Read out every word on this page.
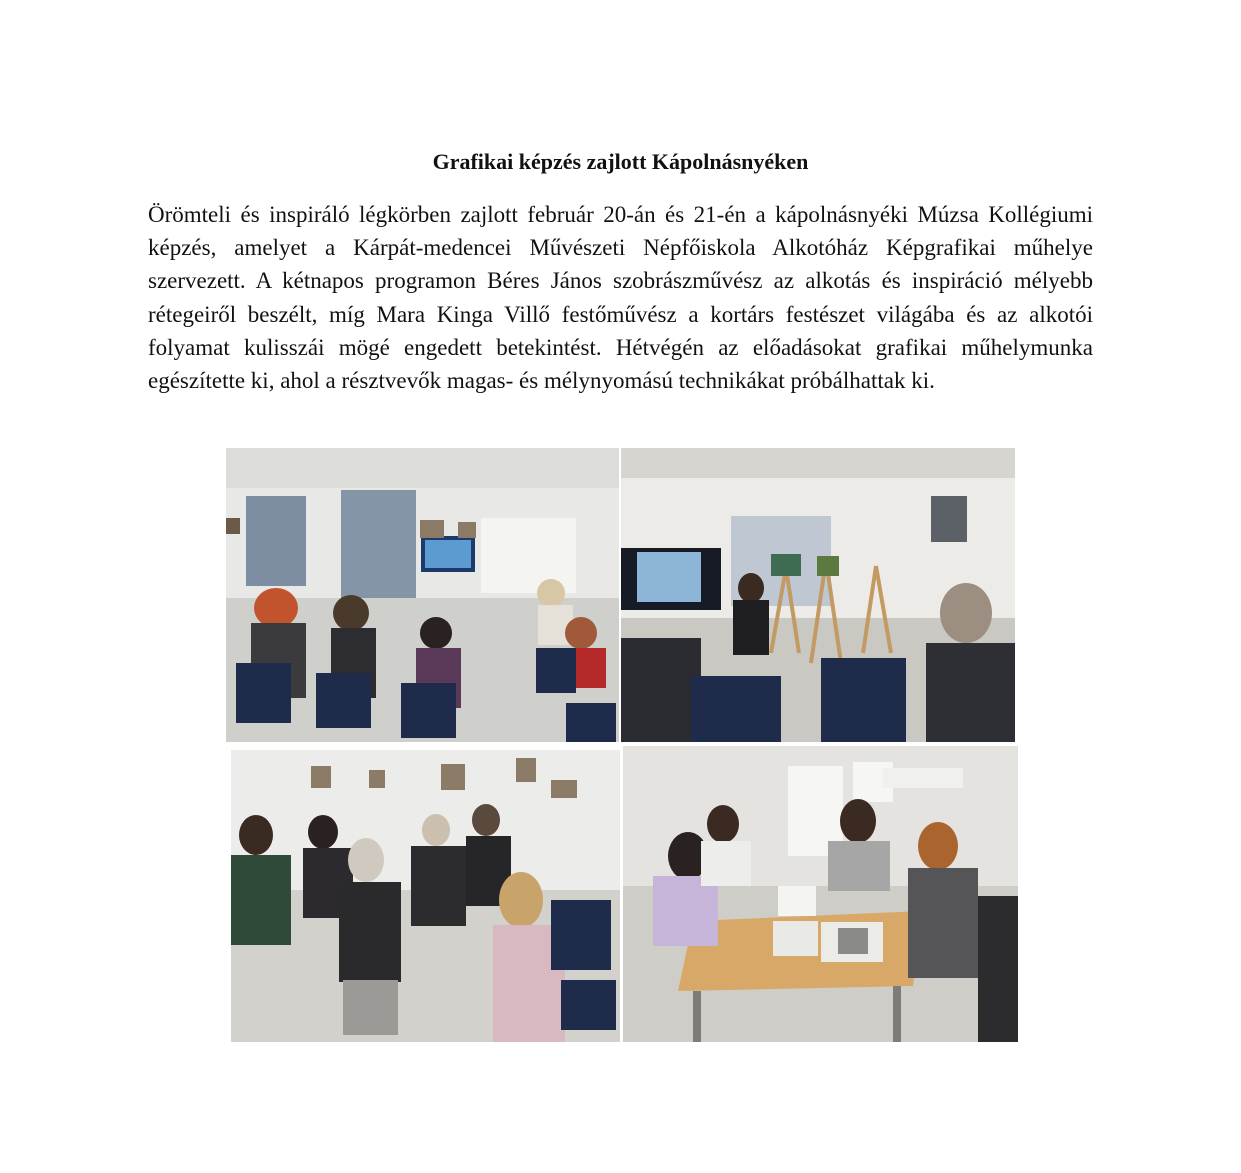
Grafikai képzés zajlott Kápolnásnyéken

Örömteli és inspiráló légkörben zajlott február 20-án és 21-én a kápolnásnyéki Múzsa Kollégiumi képzés, amelyet a Kárpát-medencei Művészeti Népfőiskola Alkotóház Képgrafikai műhelye szervezett. A kétnapos programon Béres János szobrászművész az alkotás és inspiráció mélyebb rétegeiről beszélt, míg Mara Kinga Villő festőművész a kortárs festészet világába és az alkotói folyamat kulisszái mögé engedett betekintést. Hétvégén az előadásokat grafikai műhelymunka egészítette ki, ahol a résztvevők magas- és mélynyomású technikákat próbálhattak ki.
